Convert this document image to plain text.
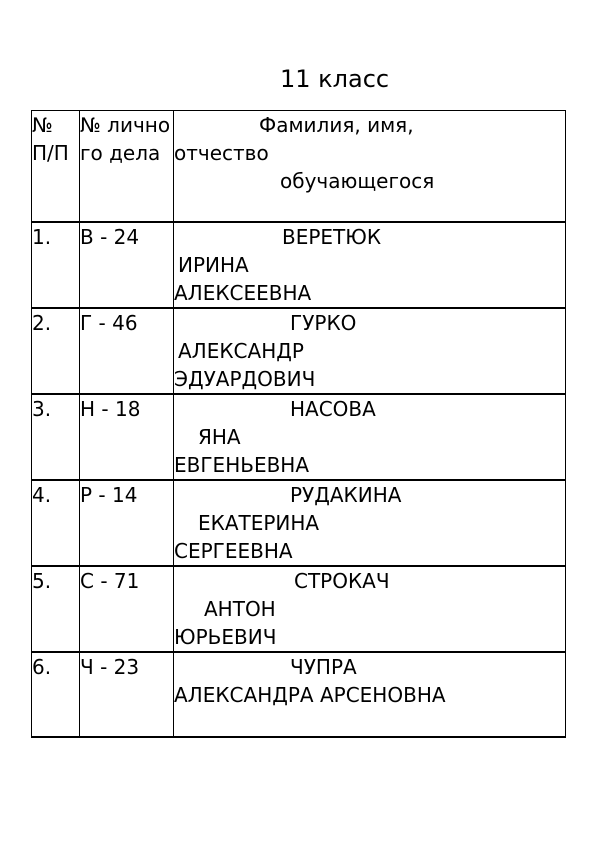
11 класс
№ П/П	№ лично го дела	Фамилия, имя,
отчество
обучающегося

1.	В - 24	ВЕРЕТЮК
ИРИНА
АЛЕКСЕЕВНА

2.	Г - 46	ГУРКО
АЛЕКСАНДР
ЭДУАРДОВИЧ

3.	Н - 18	НАСОВА
ЯНА
ЕВГЕНЬЕВНА

4.	Р - 14	РУДАКИНА
ЕКАТЕРИНА
СЕРГЕЕВНА

5.	С - 71	СТРОКАЧ
АНТОН
ЮРЬЕВИЧ

6.	Ч - 23	ЧУПРА
АЛЕКСАНДРА АРСЕНОВНА
